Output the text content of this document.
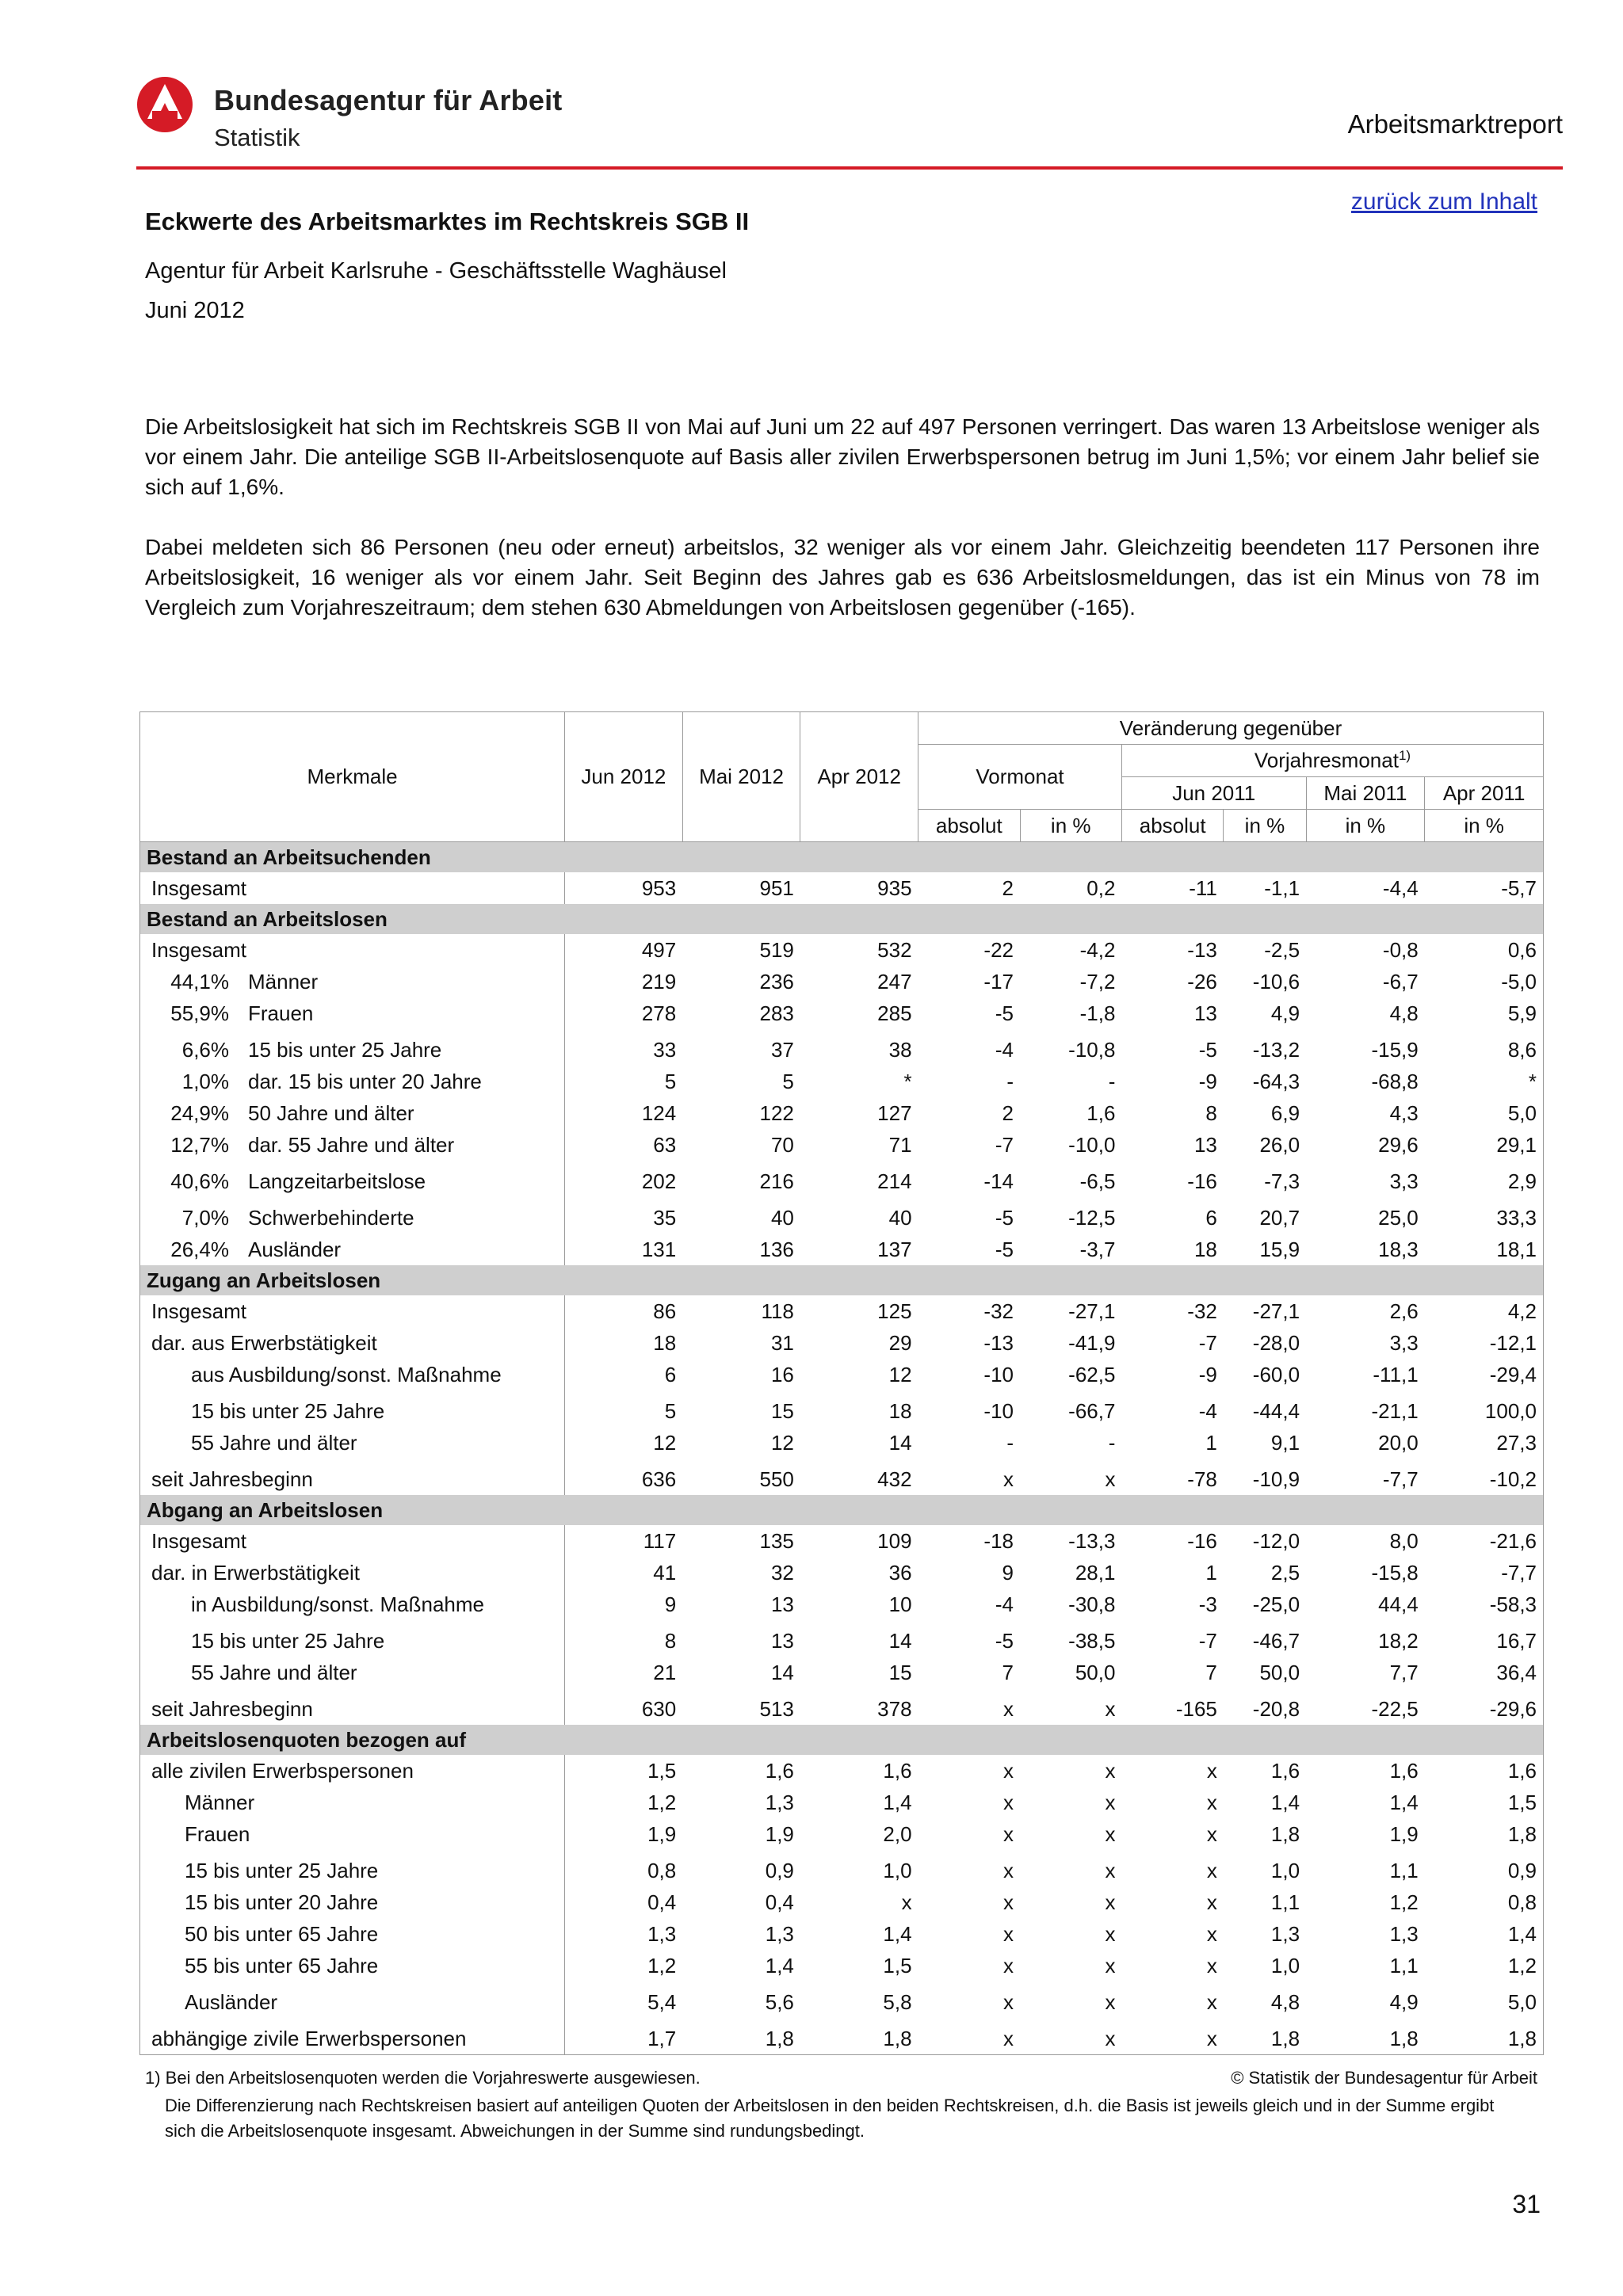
Bundesagentur für Arbeit
Statistik	Arbeitsmarktreport
zurück zum Inhalt
Eckwerte des Arbeitsmarktes im Rechtskreis SGB II
Agentur für Arbeit Karlsruhe - Geschäftsstelle Waghäusel
Juni 2012

Die Arbeitslosigkeit hat sich im Rechtskreis SGB II von Mai auf Juni um 22 auf 497 Personen verringert. Das waren 13 Arbeitslose weniger als vor einem Jahr. Die anteilige SGB II-Arbeitslosenquote auf Basis aller zivilen Erwerbspersonen betrug im Juni 1,5%; vor einem Jahr belief sie sich auf 1,6%.

Dabei meldeten sich 86 Personen (neu oder erneut) arbeitslos, 32 weniger als vor einem Jahr. Gleichzeitig beendeten 117 Personen ihre Arbeitslosigkeit, 16 weniger als vor einem Jahr. Seit Beginn des Jahres gab es 636 Arbeitslosmeldungen, das ist ein Minus von 78 im Vergleich zum Vorjahreszeitraum; dem stehen 630 Abmeldungen von Arbeitslosen gegenüber (-165).

Merkmale	Jun 2012	Mai 2012	Apr 2012	Veränderung gegenüber					
				Vormonat		Vorjahresmonat$^{1)}$
						Jun 2011		Mai 2011	Apr 2011
				absolut	in %	absolut	in %	in %	in %
Bestand an Arbeitsuchenden									
Insgesamt	953	951	935	2	0,2	-11	-1,1	-4,4	-5,7
Bestand an Arbeitslosen									
Insgesamt	497	519	532	-22	-4,2	-13	-2,5	-0,8	0,6
44,1% Männer	219	236	247	-17	-7,2	-26	-10,6	-6,7	-5,0
55,9% Frauen	278	283	285	-5	-1,8	13	4,9	4,8	5,9
6,6% 15 bis unter 25 Jahre	33	37	38	-4	-10,8	-5	-13,2	-15,9	8,6
1,0% dar. 15 bis unter 20 Jahre	5	5	*	-	-	-9	-64,3	-68,8	*
24,9% 50 Jahre und älter	124	122	127	2	1,6	8	6,9	4,3	5,0
12,7% dar. 55 Jahre und älter	63	70	71	-7	-10,0	13	26,0	29,6	29,1
40,6% Langzeitarbeitslose	202	216	214	-14	-6,5	-16	-7,3	3,3	2,9
7,0% Schwerbehinderte	35	40	40	-5	-12,5	6	20,7	25,0	33,3
26,4% Ausländer	131	136	137	-5	-3,7	18	15,9	18,3	18,1
Zugang an Arbeitslosen									
Insgesamt	86	118	125	-32	-27,1	-32	-27,1	2,6	4,2
dar. aus Erwerbstätigkeit	18	31	29	-13	-41,9	-7	-28,0	3,3	-12,1
aus Ausbildung/sonst. Maßnahme	6	16	12	-10	-62,5	-9	-60,0	-11,1	-29,4
15 bis unter 25 Jahre	5	15	18	-10	-66,7	-4	-44,4	-21,1	100,0
55 Jahre und älter	12	12	14	-	-	1	9,1	20,0	27,3
seit Jahresbeginn	636	550	432	x	x	-78	-10,9	-7,7	-10,2
Abgang an Arbeitslosen									
Insgesamt	117	135	109	-18	-13,3	-16	-12,0	8,0	-21,6
dar. in Erwerbstätigkeit	41	32	36	9	28,1	1	2,5	-15,8	-7,7
in Ausbildung/sonst. Maßnahme	9	13	10	-4	-30,8	-3	-25,0	44,4	-58,3
15 bis unter 25 Jahre	8	13	14	-5	-38,5	-7	-46,7	18,2	16,7
55 Jahre und älter	21	14	15	7	50,0	7	50,0	7,7	36,4
seit Jahresbeginn	630	513	378	x	x	-165	-20,8	-22,5	-29,6
Arbeitslosenquoten bezogen auf									
alle zivilen Erwerbspersonen	1,5	1,6	1,6	x	x	x	1,6	1,6	1,6
Männer	1,2	1,3	1,4	x	x	x	1,4	1,4	1,5
Frauen	1,9	1,9	2,0	x	x	x	1,8	1,9	1,8
15 bis unter 25 Jahre	0,8	0,9	1,0	x	x	x	1,0	1,1	0,9
15 bis unter 20 Jahre	0,4	0,4	x	x	x	x	1,1	1,2	0,8
50 bis unter 65 Jahre	1,3	1,3	1,4	x	x	x	1,3	1,3	1,4
55 bis unter 65 Jahre	1,2	1,4	1,5	x	x	x	1,0	1,1	1,2
Ausländer	5,4	5,6	5,8	x	x	x	4,8	4,9	5,0
abhängige zivile Erwerbspersonen	1,7	1,8	1,8	x	x	x	1,8	1,8	1,8
1) Bei den Arbeitslosenquoten werden die Vorjahreswerte ausgewiesen.	© Statistik der Bundesagentur für Arbeit
Die Differenzierung nach Rechtskreisen basiert auf anteiligen Quoten der Arbeitslosen in den beiden Rechtskreisen, d.h. die Basis ist jeweils gleich und in der Summe ergibt sich die Arbeitslosenquote insgesamt. Abweichungen in der Summe sind rundungsbedingt.
31
